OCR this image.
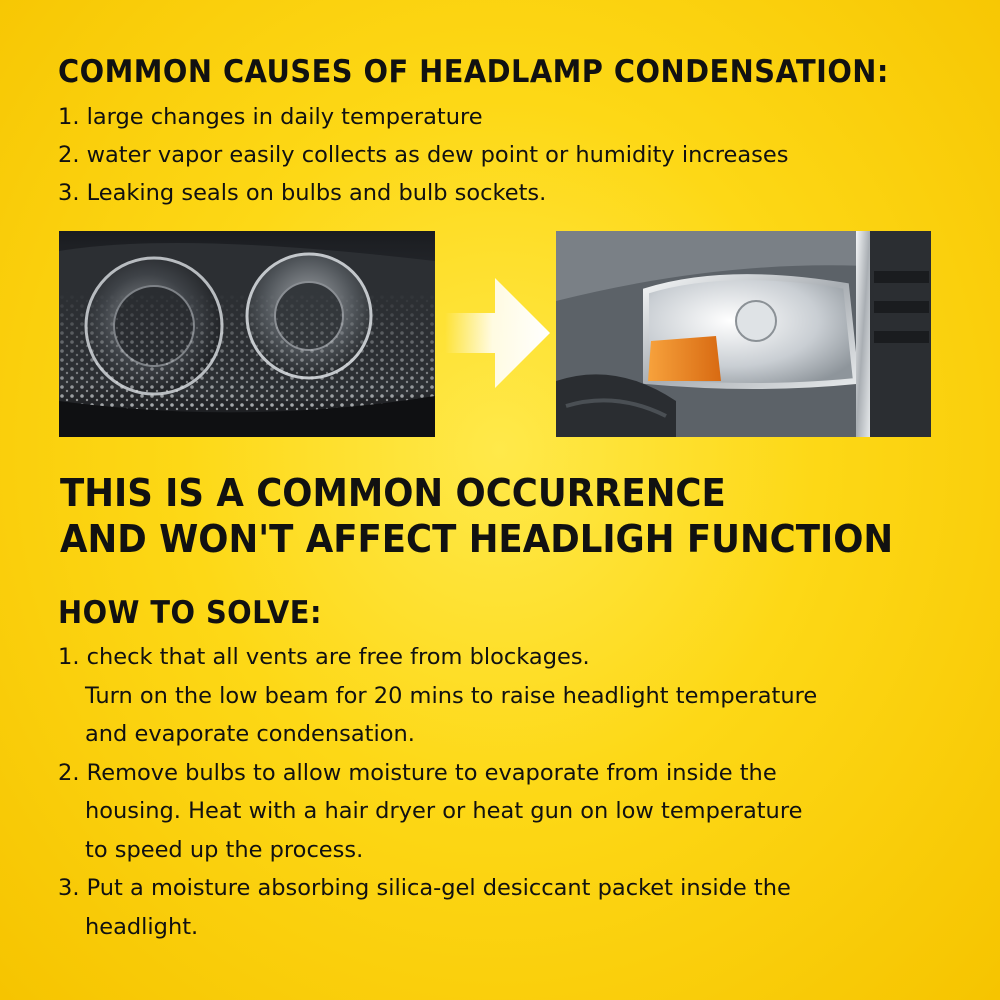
COMMON CAUSES OF HEADLAMP CONDENSATION:
1. large changes in daily temperature
2. water vapor easily collects as dew point or humidity increases
3. Leaking seals on bulbs and bulb sockets.
THIS IS A COMMON OCCURRENCE
AND WON'T AFFECT HEADLIGH FUNCTION
HOW TO SOLVE:
1. check that all vents are free from blockages.
Turn on the low beam for 20 mins to raise headlight temperature
and evaporate condensation.
2. Remove bulbs to allow moisture to evaporate from inside the
housing. Heat with a hair dryer or heat gun on low temperature
to speed up the process.
3. Put a moisture absorbing silica-gel desiccant packet inside the
headlight.
